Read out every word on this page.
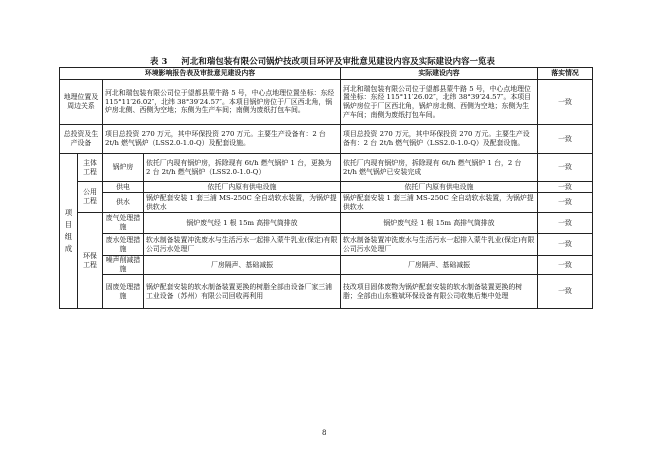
表 3 河北和瑞包装有限公司锅炉技改项目环评及审批意见建设内容及实际建设内容一览表
环境影响报告表及审批意见建设内容				实际建设内容	落实情况
地理位置及周边关系		河北和瑞包装有限公司位于望都县蒙牛路 5 号，中心点地理位置坐标：东经 115°11′26.02″，北纬 38°39′24.57″。本项目锅炉房位于厂区西北角，锅炉房北侧、西侧为空地；东侧为生产车间；南侧为废纸打包车间。		河北和瑞包装有限公司位于望都县蒙牛路 5 号，中心点地理位置坐标：东经 115°11′26.02″，北纬 38°39′24.57″。本项目锅炉房位于厂区西北角，锅炉房北侧、西侧为空地；东侧为生产车间；南侧为废纸打包车间。	一致
总投资及生产设备		项目总投资 270 万元，其中环保投资 270 万元。主要生产设备有：2 台 2t/h 燃气锅炉（LSS2.0-1.0-Q）及配套设施。		项目总投资 270 万元，其中环保投资 270 万元。主要生产设备有：2 台 2t/h 燃气锅炉（LSS2.0-1.0-Q）及配套设施。	一致
项目组成	主体工程	锅炉房	依托厂内现有锅炉房，拆除现有 6t/h 燃气锅炉 1 台，更换为 2 台 2t/h 燃气锅炉（LSS2.0-1.0-Q）	依托厂内现有锅炉房，拆除现有 6t/h 燃气锅炉 1 台，2 台 2t/h 燃气锅炉已安装完成	一致
	公用工程	供电	依托厂内原有供电设施	依托厂内原有供电设施	一致
		供水	锅炉配套安装 1 套三浦 MS-250C 全自动软水装置，为锅炉提供软水	锅炉配套安装 1 套三浦 MS-250C 全自动软水装置，为锅炉提供软水	一致
	环保工程	废气处理措施	锅炉废气经 1 根 15m 高排气筒排放	锅炉废气经 1 根 15m 高排气筒排放	一致
		废水处理措施	软水制备装置冲洗废水与生活污水一起排入蒙牛乳业(保定)有限公司污水处理厂	软水制备装置冲洗废水与生活污水一起排入蒙牛乳业(保定)有限公司污水处理厂	一致
		噪声削减措施	厂房隔声、基础减振	厂房隔声、基础减振	一致
		固废处理措施	锅炉配套安装的软水制备装置更换的树脂全部由设备厂家三浦工业设备（苏州）有限公司回收再利用	技改项目固体废物为锅炉配套安装的软水制备装置更换的树脂；全部由山东雅斌环保设备有限公司收集后集中处理	一致
8
